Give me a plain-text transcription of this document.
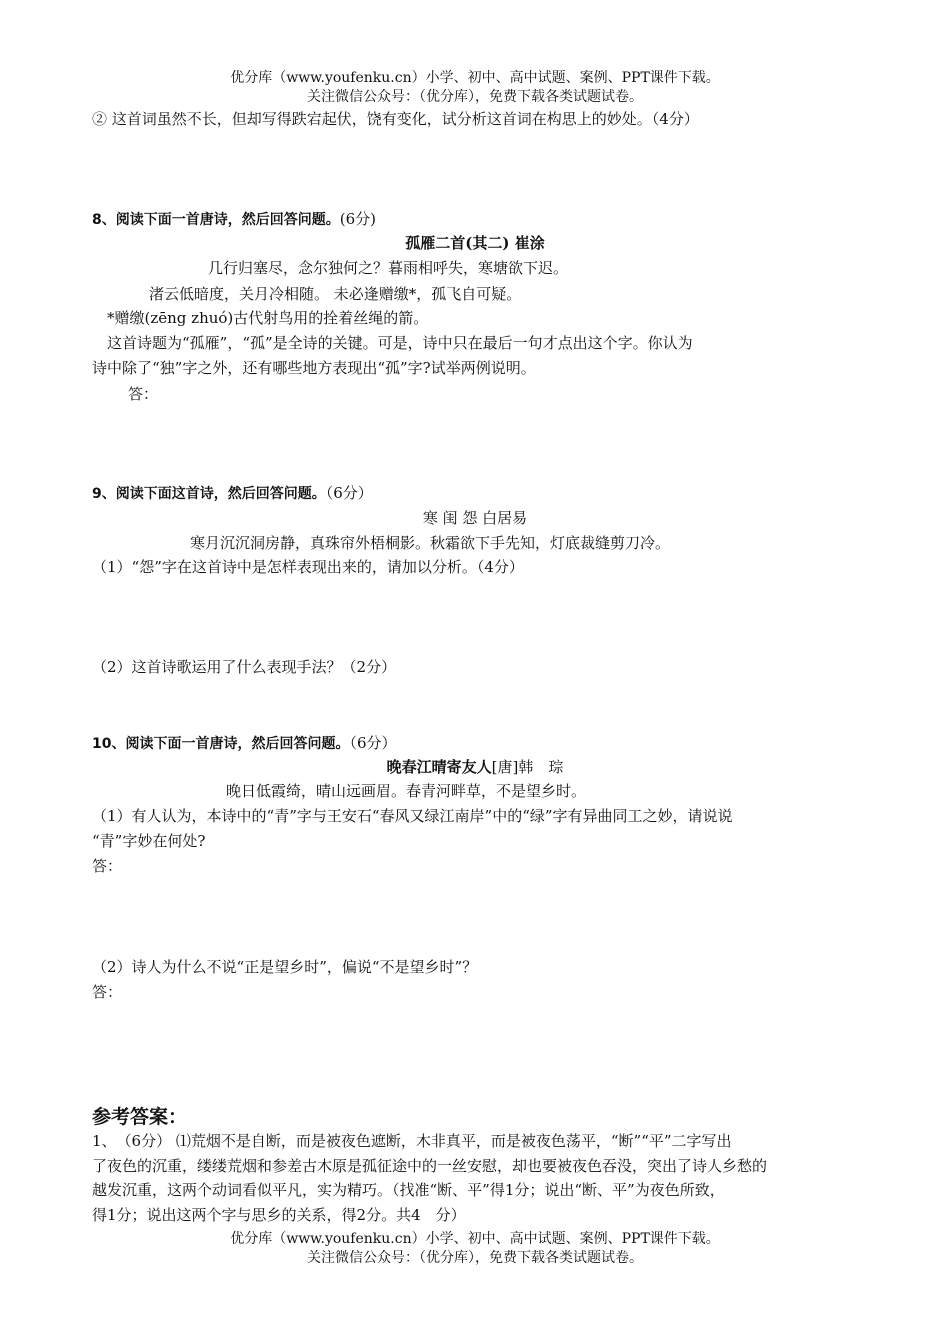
优分库（www.youfenku.cn）小学、初中、高中试题、案例、PPT课件下载。
关注微信公众号：（优分库），免费下载各类试题试卷。
② 这首词虽然不长，但却写得跌宕起伏，饶有变化，试分析这首词在构思上的妙处。（4分）
8、阅读下面一首唐诗，然后回答问题。(6分)
孤雁二首(其二) 崔涂
几行归塞尽，念尔独何之？暮雨相呼失，寒塘欲下迟。
渚云低暗度，关月冷相随。 未必逢赠缴*，孤飞自可疑。
*赠缴(zēng zhuó)古代射鸟用的拴着丝绳的箭。
这首诗题为“孤雁”，“孤”是全诗的关键。可是，诗中只在最后一句才点出这个字。你认为
诗中除了“独”字之外，还有哪些地方表现出“孤”字?试举两例说明。
答：
9、阅读下面这首诗，然后回答问题。（6分）
寒 闺 怨 白居易
寒月沉沉洞房静，真珠帘外梧桐影。秋霜欲下手先知，灯底裁缝剪刀冷。
（1）“怨”字在这首诗中是怎样表现出来的，请加以分析。（4分）
（2）这首诗歌运用了什么表现手法？（2分）
10、阅读下面一首唐诗，然后回答问题。（6分）
晚春江晴寄友人[唐]韩　琮
晚日低霞绮，晴山远画眉。春青河畔草，不是望乡时。
（1）有人认为，本诗中的“青”字与王安石“春风又绿江南岸”中的“绿”字有异曲同工之妙，请说说
“青”字妙在何处?
答：
（2）诗人为什么不说“正是望乡时”，偏说“不是望乡时”？
答：
参考答案：
1、　（6分） ⑴荒烟不是自断，而是被夜色遮断，木非真平，而是被夜色荡平，“断”“平”二字写出
了夜色的沉重，缕缕荒烟和参差古木原是孤征途中的一丝安慰，却也要被夜色吞没，突出了诗人乡愁的
越发沉重，这两个动词看似平凡，实为精巧。（找准“断、平”得1分；说出“断、平”为夜色所致，
得1分；说出这两个字与思乡的关系，得2分。共4　分）
优分库（www.youfenku.cn）小学、初中、高中试题、案例、PPT课件下载。
关注微信公众号：（优分库），免费下载各类试题试卷。
